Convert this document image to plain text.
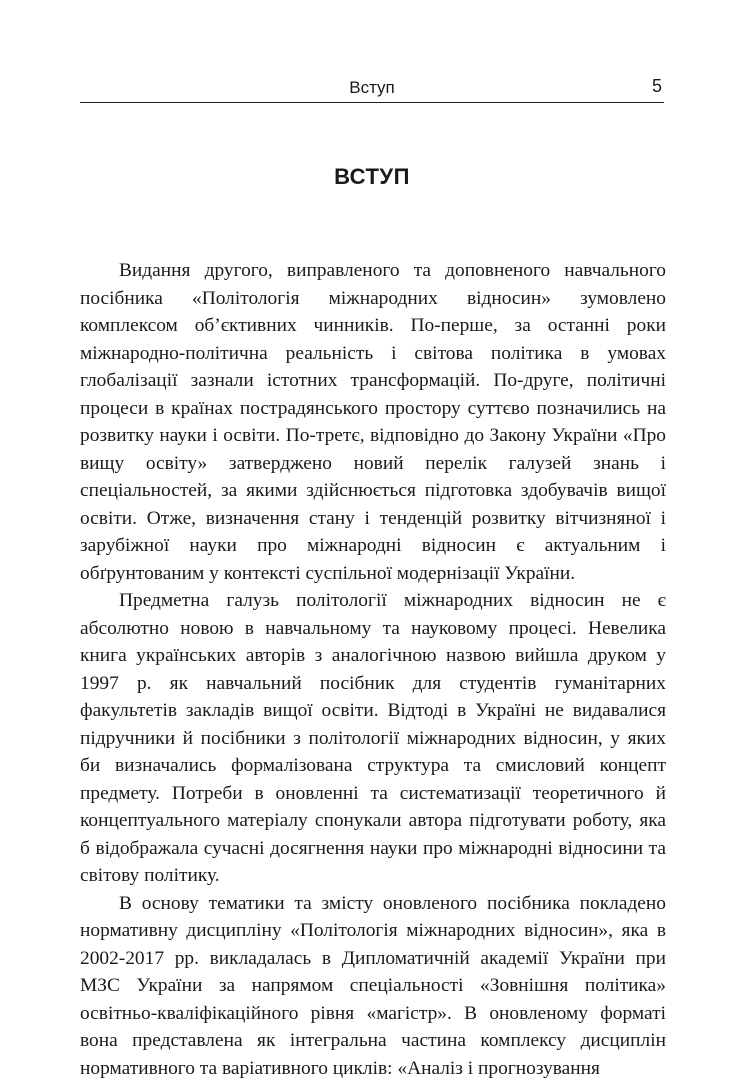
Вступ	5
ВСТУП

Видання другого, виправленого та доповненого навчального посібника «Політологія міжнародних відносин» зумовлено комплексом об’єктивних чинників. По-перше, за останні роки міжнародно-політична реальність і світова політика в умовах глобалізації зазнали істотних трансформацій. По-друге, політичні процеси в країнах пострадянського простору суттєво позначились на розвитку науки і освіти. По-третє, відповідно до Закону України «Про вищу освіту» затверджено новий перелік галузей знань і спеціальностей, за якими здійснюється підготовка здобувачів вищої освіти. Отже, визначення стану і тенденцій розвитку вітчизняної і зарубіжної науки про міжнародні відносин є актуальним і обґрунтованим у контексті суспільної модернізації України.

Предметна галузь політології міжнародних відносин не є абсолютно новою в навчальному та науковому процесі. Невелика книга українських авторів з аналогічною назвою вийшла друком у 1997 р. як навчальний посібник для студентів гуманітарних факультетів закладів вищої освіти. Відтоді в Україні не видавалися підручники й посібники з політології міжнародних відносин, у яких би визначались формалізована структура та смисловий концепт предмету. Потреби в оновленні та систематизації теоретичного й концептуального матеріалу спонукали автора підготувати роботу, яка б відображала сучасні досягнення науки про міжнародні відносини та світову політику.

В основу тематики та змісту оновленого посібника покладено нормативну дисципліну «Політологія міжнародних відносин», яка в 2002-2017 рр. викладалась в Дипломатичній академії України при МЗС України за напрямом спеціальності «Зовнішня політика» освітньо-кваліфікаційного рівня «магістр». В оновленому форматі вона представлена як інтегральна частина комплексу дисциплін нормативного та варіативного циклів: «Аналіз і прогнозування
